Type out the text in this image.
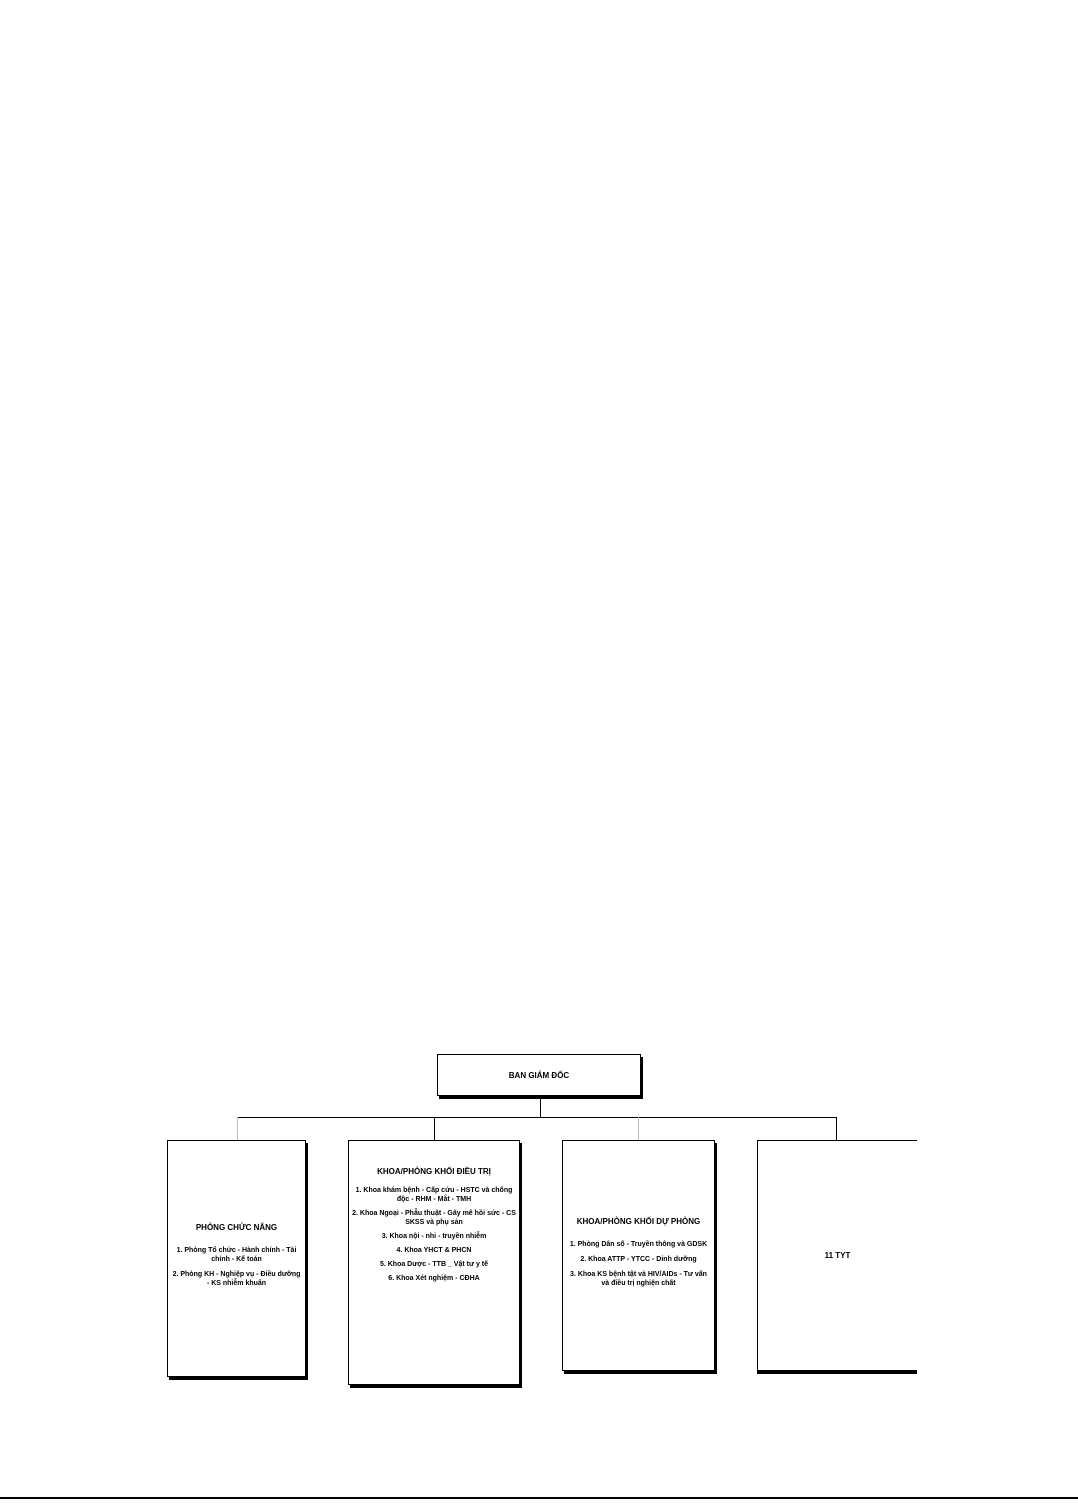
BAN GIÁM ĐỐC
PHÒNG CHỨC NĂNG
1. Phòng Tổ chức - Hành chính - Tài chính - Kế toán
2. Phòng KH - Nghiệp vụ - Điều dưỡng - KS nhiễm khuẩn
KHOA/PHÒNG KHỐI ĐIỀU TRỊ
1. Khoa khám bệnh - Cấp cứu - HSTC và chống độc - RHM - Mắt - TMH
2. Khoa Ngoại - Phẫu thuật - Gây mê hồi sức - CS SKSS và phụ sản
3. Khoa nội - nhi - truyền nhiễm
4. Khoa YHCT & PHCN
5. Khoa Dược - TTB _ Vật tư y tế
6. Khoa Xét nghiệm - CĐHA
KHOA/PHÒNG KHỐI DỰ PHÒNG
1. Phòng Dân số - Truyền thông và GDSK
2. Khoa ATTP - YTCC - Dinh dưỡng
3. Khoa KS bệnh tật và HIV/AIDs - Tư vấn và điều trị nghiện chất
11 TYT
